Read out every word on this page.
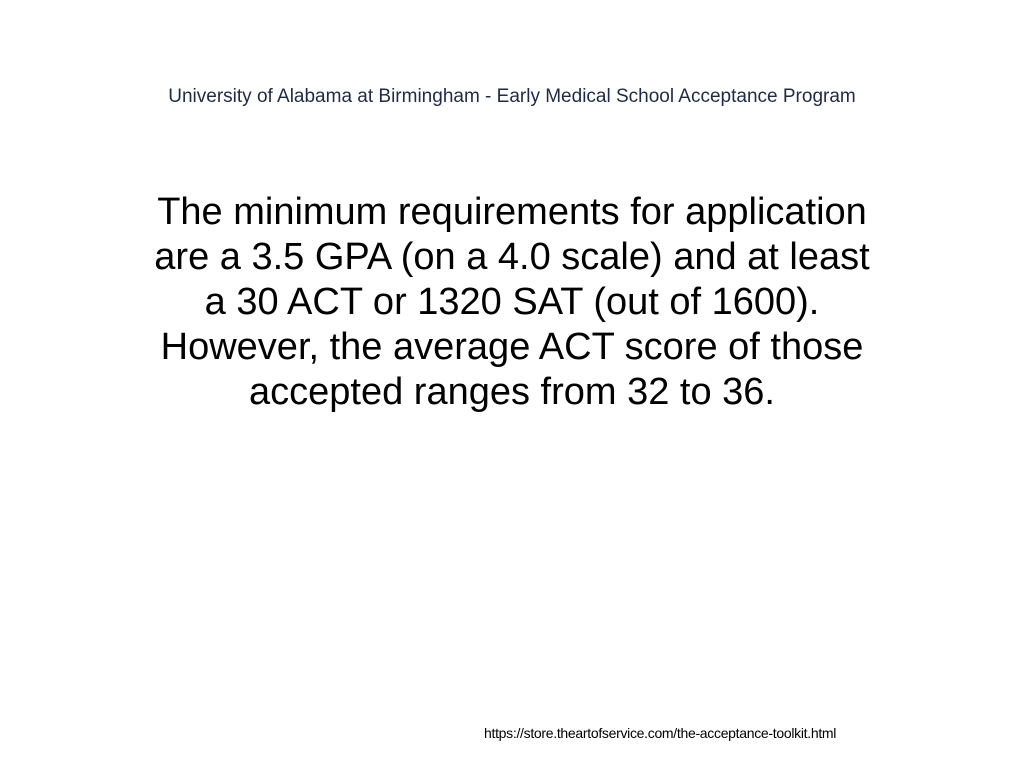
University of Alabama at Birmingham - Early Medical School Acceptance Program
The minimum requirements for application
are a 3.5 GPA (on a 4.0 scale) and at least
a 30 ACT or 1320 SAT (out of 1600).
However, the average ACT score of those
accepted ranges from 32 to 36.
https://store.theartofservice.com/the-acceptance-toolkit.html
